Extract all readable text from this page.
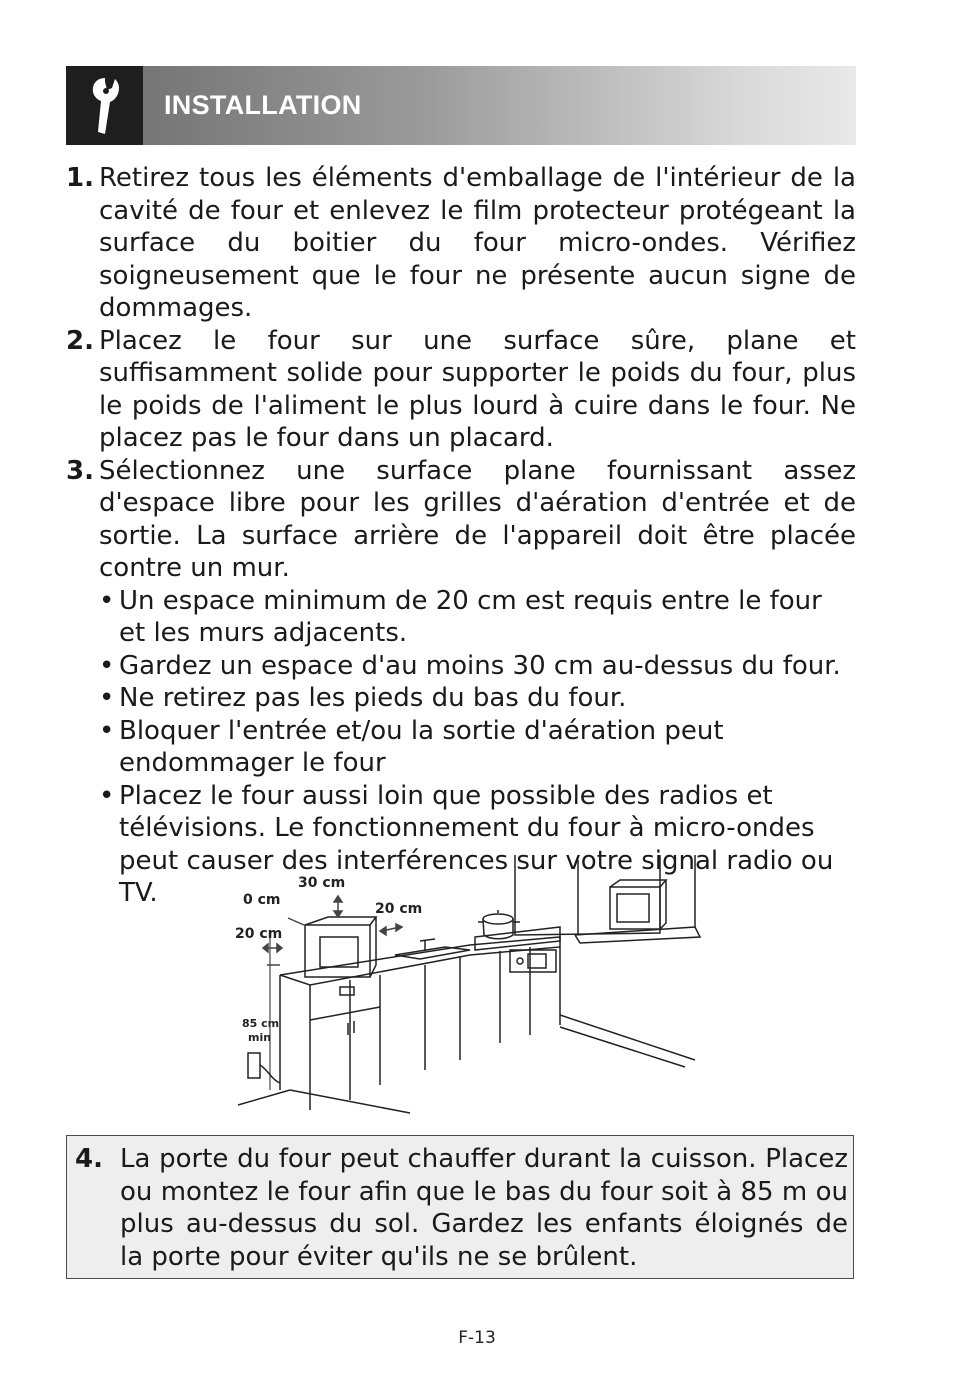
INSTALLATION
1. Retirez tous les éléments d'emballage de l'intérieur de la cavité de four et enlevez le film protecteur protégeant la surface du boitier du four micro-ondes. Vérifiez soigneusement que le four ne présente aucun signe de dommages.
2. Placez le four sur une surface sûre, plane et suffisamment solide pour supporter le poids du four, plus le poids de l'aliment le plus lourd à cuire dans le four. Ne placez pas le four dans un placard.
3. Sélectionnez une surface plane fournissant assez d'espace libre pour les grilles d'aération d'entrée et de sortie. La surface arrière de l'appareil doit être placée contre un mur.
• Un espace minimum de 20 cm est requis entre le four et les murs adjacents.
• Gardez un espace d'au moins 30 cm au-dessus du four.
• Ne retirez pas les pieds du bas du four.
• Bloquer l'entrée et/ou la sortie d'aération peut endommager le four
• Placez le four aussi loin que possible des radios et télévisions. Le fonctionnement du four à micro-ondes peut causer des interférences sur votre signal radio ou TV.	30 cm
0 cm
20 cm
20 cm
85 cm
min
4. La porte du four peut chauffer durant la cuisson. Placez ou montez le four afin que le bas du four soit à 85 m ou plus au-dessus du sol. Gardez les enfants éloignés de la porte pour éviter qu'ils ne se brûlent.
F-13
